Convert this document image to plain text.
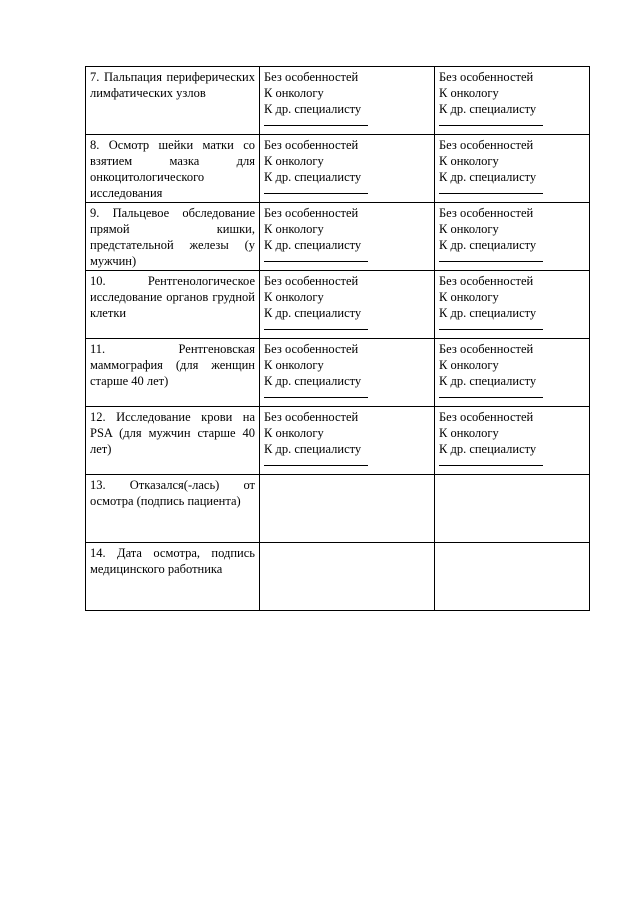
7. Пальпация периферических лимфатических узлов	Без особенностей
К онкологу
К др. специалисту	Без особенностей
К онкологу
К др. специалисту

8. Осмотр шейки матки со взятием мазка для онкоцитологического исследования	Без особенностей
К онкологу
К др. специалисту	Без особенностей
К онкологу
К др. специалисту

9. Пальцевое обследование прямой кишки, предстательной железы (у мужчин)	Без особенностей
К онкологу
К др. специалисту	Без особенностей
К онкологу
К др. специалисту

10. Рентгенологическое исследование органов грудной клетки	Без особенностей
К онкологу
К др. специалисту	Без особенностей
К онкологу
К др. специалисту

11. Рентгеновская маммография (для женщин старше 40 лет)	Без особенностей
К онкологу
К др. специалисту	Без особенностей
К онкологу
К др. специалисту

12. Исследование крови на PSA (для мужчин старше 40 лет)	Без особенностей
К онкологу
К др. специалисту	Без особенностей
К онкологу
К др. специалисту

13. Отказался(-лась) от осмотра (подпись пациента)		
14. Дата осмотра, подпись медицинского работника		
